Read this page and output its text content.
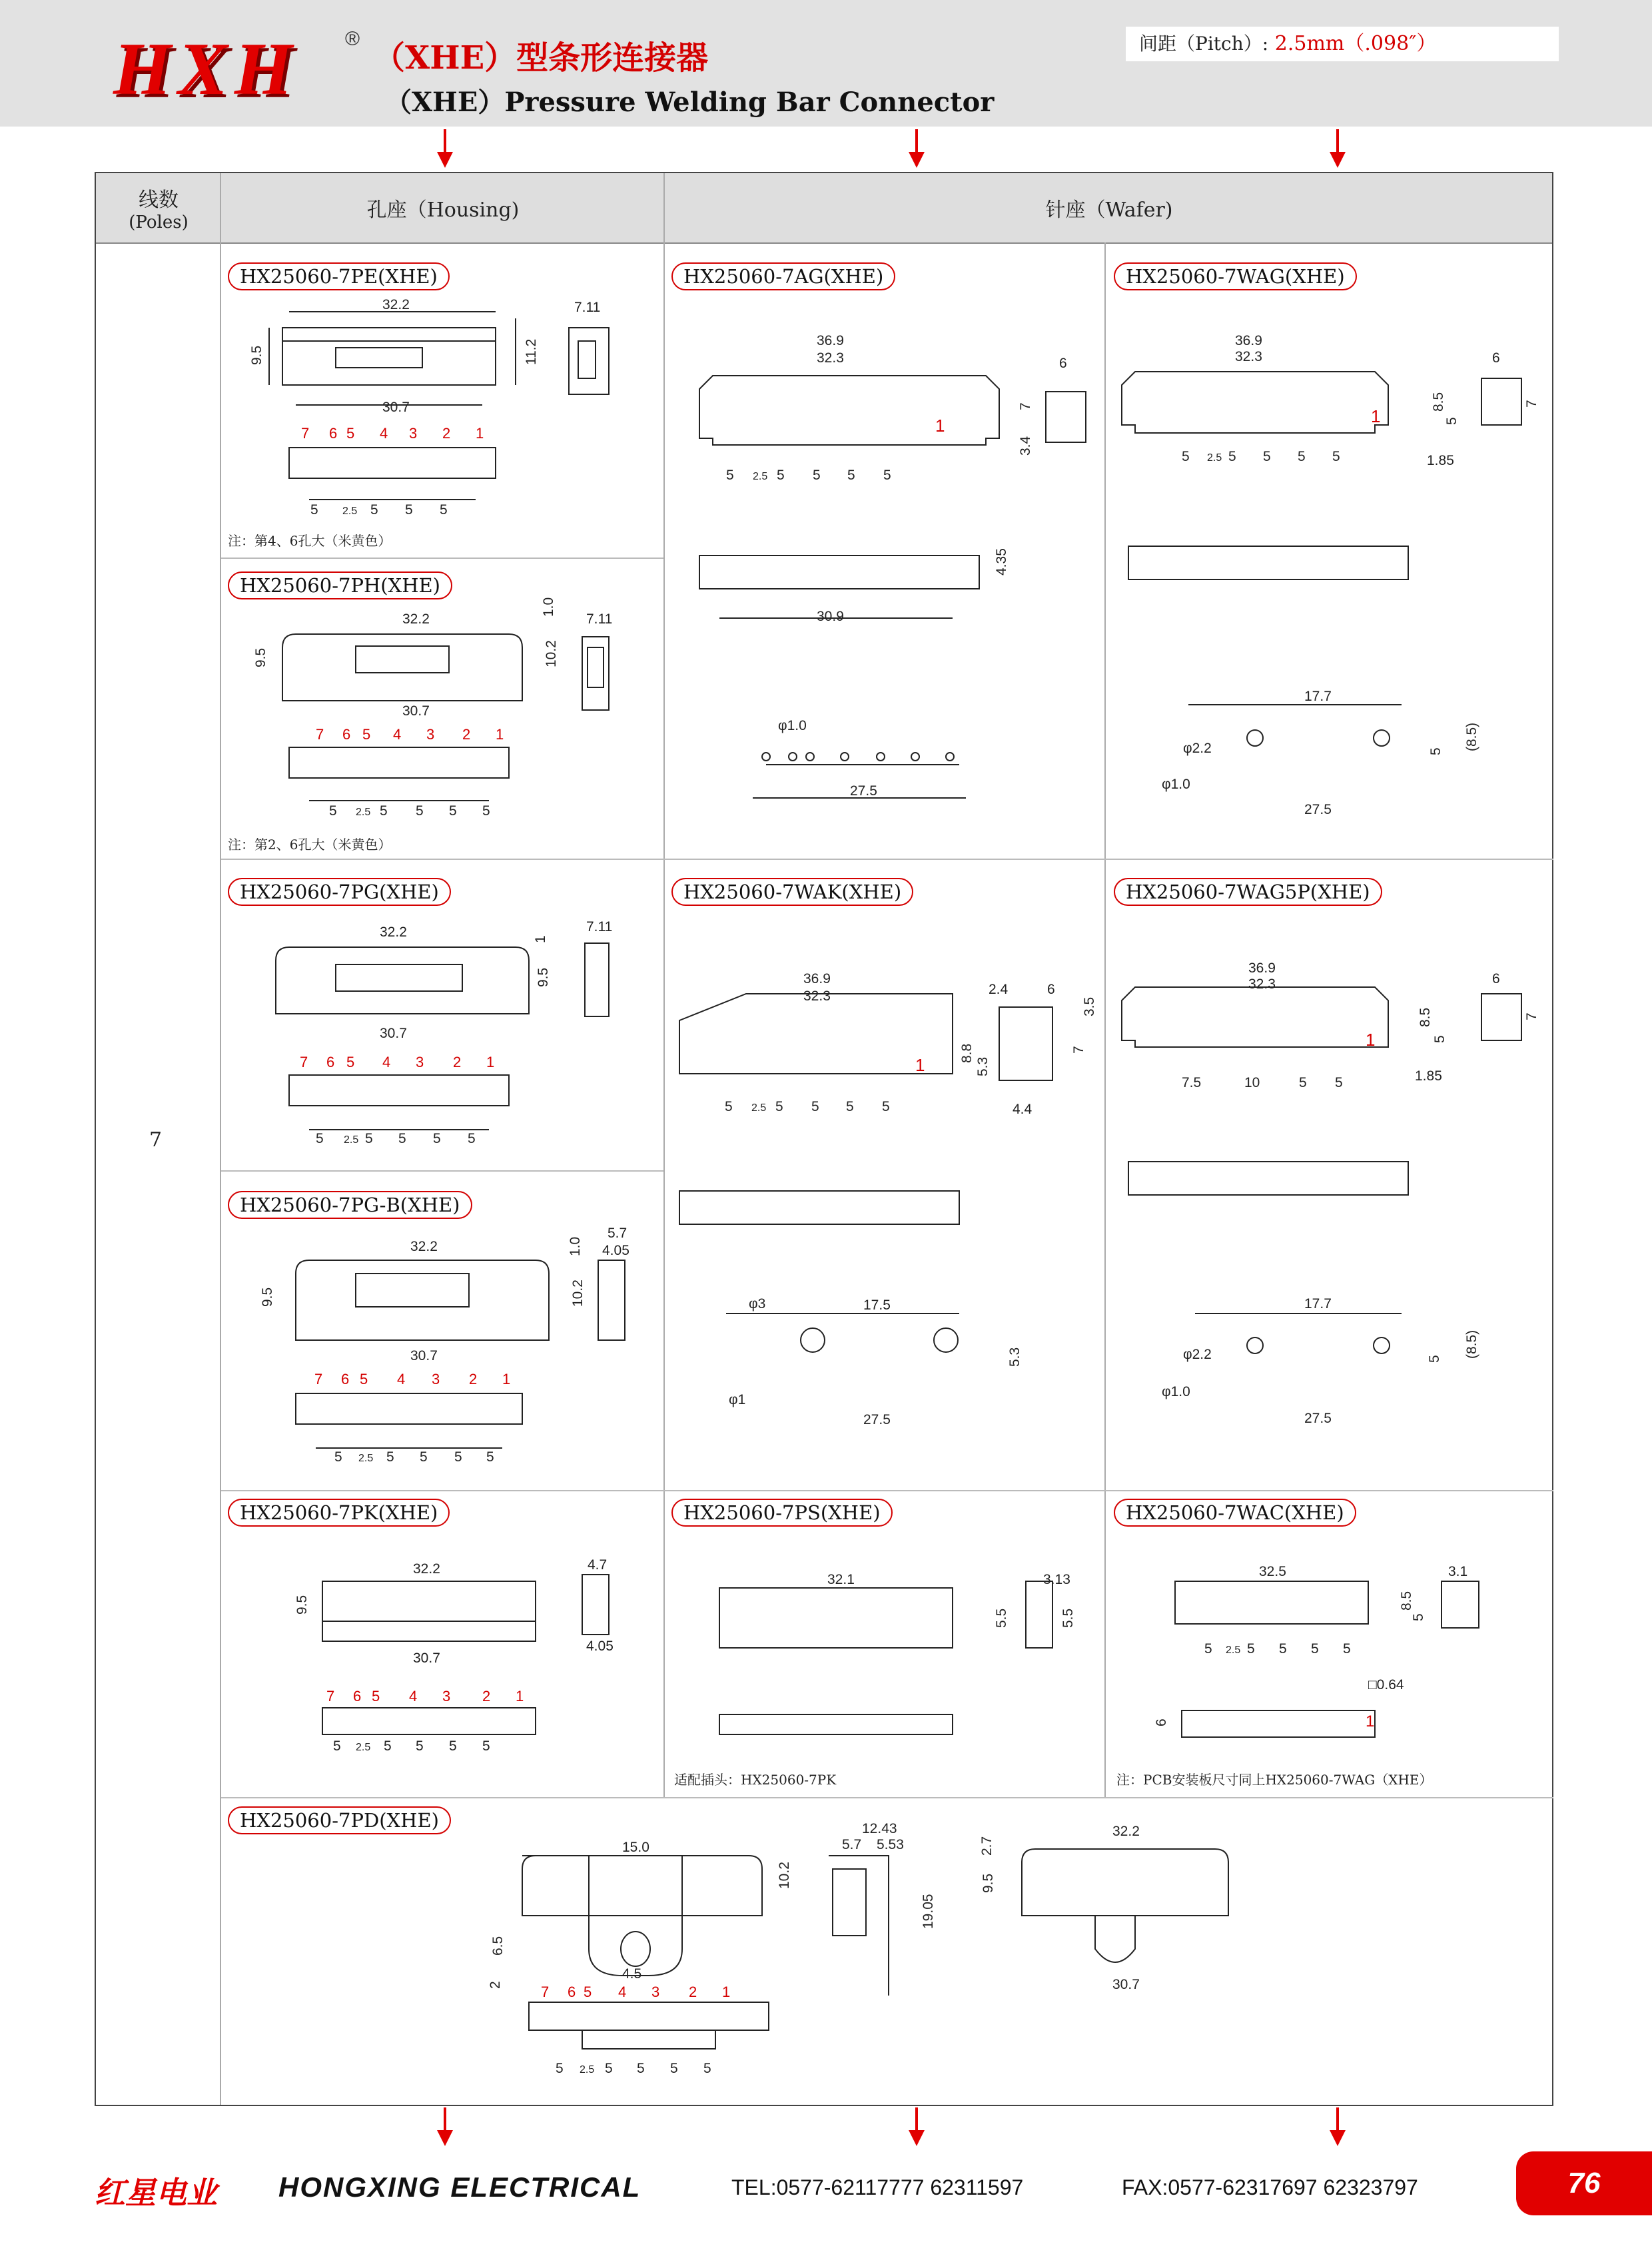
HXH ®
（XHE）型条形连接器
（XHE）Pressure Welding Bar Connector
间距（Pitch）: 2.5mm（.098″）
线数
(Poles)
孔座（Housing)	针座（Wafer)
7
HX25060-7PE(XHE)
32.2
30.7
9.5	11.2
7.11
5 2.5 5 5 5
7 6 5 4 3 2 1
注：第4、6孔大（米黄色）
HX25060-7PH(XHE)
32.2
30.7
9.5	10.2
1.0
7.11
5 2.5 5 5 5 5
7 6 5 4 3 2 1
注：第2、6孔大（米黄色）
HX25060-7PG(XHE)
32.2
30.7
9.5
1
7.11
5 2.5 5 5 5 5
7 6 5 4 3 2 1
HX25060-7PG-B(XHE)
32.2
30.7
9.5	10.2
1.0
5.7
4.05
5 2.5 5 5 5 5
7 6 5 4 3 2 1
HX25060-7PK(XHE)
32.2
30.7
9.5
4.7
4.05
5 2.5 5 5 5 5
7 6 5 4 3 2 1
HX25060-7PD(XHE)
15.0
10.2
6.5
2
4.5
12.43
5.7 5.53
19.05
32.2
30.7
9.5
2.7
5 2.5 5 5 5 5
7 6 5 4 3 2 1
HX25060-7AG(XHE)
36.9
32.3	6
7
3.4
30.9
4.35
φ1.0
27.5
5 2.5 5 5 5 5
1
HX25060-7WAK(XHE)
36.9
32.3	2.4	6
3.5
8.8
5.3
7
4.4
φ3
φ1
17.5
27.5
5.3
5 2.5 5 5 5 5
1
HX25060-7PS(XHE)
32.1	3.13
5.5	5.5
适配插头：HX25060-7PK
HX25060-7WAG(XHE)
36.9
32.3	6
8.5
5
7
1.85
φ2.2
φ1.0
17.7
27.5
5
(8.5)
5 2.5 5 5 5 5
1
HX25060-7WAG5P(XHE)
36.9
32.3	6
8.5
5
7
1.85
φ2.2
φ1.0
17.7
27.5
5
(8.5)
7.5	10	5 5
1
HX25060-7WAC(XHE)
32.5	3.1
8.5
5
□0.64
6
5 2.5 5 5 5 5
1
注：PCB安装板尺寸同上HX25060-7WAG（XHE）
红星电业 HONGXING ELECTRICAL	TEL:0577-62117777 62311597	FAX:0577-62317697 62323797	76
